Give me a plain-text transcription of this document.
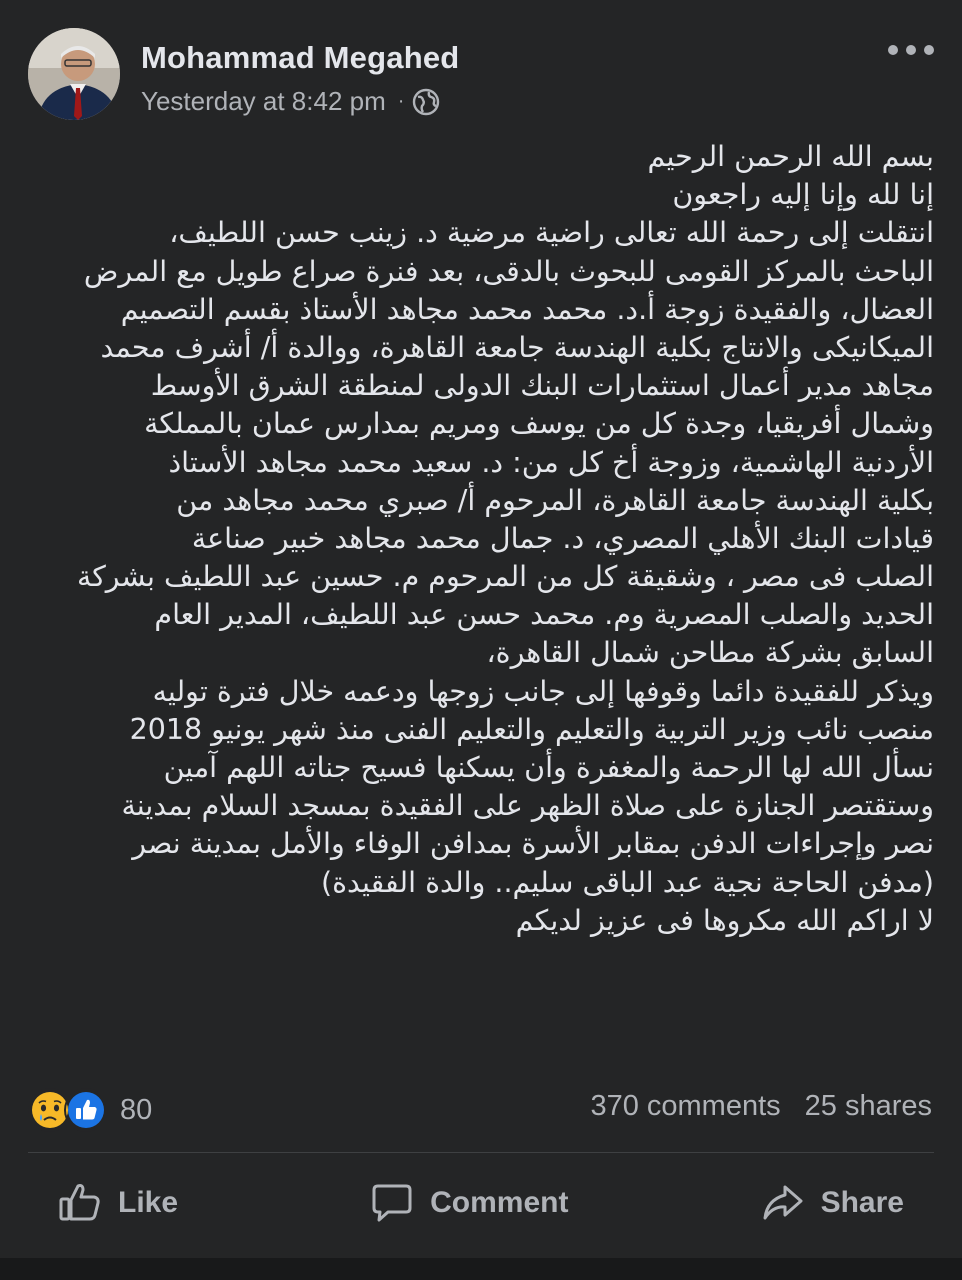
Mohammad Megahed
Yesterday at 8:42 pm ·
بسم الله الرحمن الرحيم
إنا لله وإنا إليه راجعون
انتقلت إلى رحمة الله تعالى راضية مرضية د. زينب حسن اللطيف،
الباحث بالمركز القومى للبحوث بالدقى، بعد فنرة صراع طويل مع المرض
العضال، والفقيدة زوجة أ.د. محمد محمد مجاهد الأستاذ بقسم التصميم
الميكانيكى والانتاج بكلية الهندسة جامعة القاهرة، ووالدة أ/ أشرف محمد
مجاهد مدير أعمال استثمارات البنك الدولى لمنطقة الشرق الأوسط
وشمال أفريقيا، وجدة كل من يوسف ومريم بمدارس عمان بالمملكة
الأردنية الهاشمية، وزوجة أخ كل من: د. سعيد محمد مجاهد الأستاذ
بكلية الهندسة جامعة القاهرة، المرحوم أ/ صبري محمد مجاهد من
قيادات البنك الأهلي المصري، د. جمال محمد مجاهد خبير صناعة
الصلب فى مصر ، وشقيقة كل من المرحوم م. حسين عبد اللطيف بشركة
الحديد والصلب المصرية وم. محمد حسن عبد اللطيف، المدير العام
السابق بشركة مطاحن شمال القاهرة،
ويذكر للفقيدة دائما وقوفها إلى جانب زوجها ودعمه خلال فترة توليه
منصب نائب وزير التربية والتعليم والتعليم الفنى منذ شهر يونيو 2018
نسأل الله لها الرحمة والمغفرة وأن يسكنها فسيح جناته اللهم آمين
وستقتصر الجنازة على صلاة الظهر على الفقيدة بمسجد السلام بمدينة
نصر وإجراءات الدفن بمقابر الأسرة بمدافن الوفاء والأمل بمدينة نصر
(مدفن الحاجة نجية عبد الباقى سليم.. والدة الفقيدة)
لا اراكم الله مكروها فى عزيز لديكم
80	370 comments 25 shares
Like	Comment	Share
